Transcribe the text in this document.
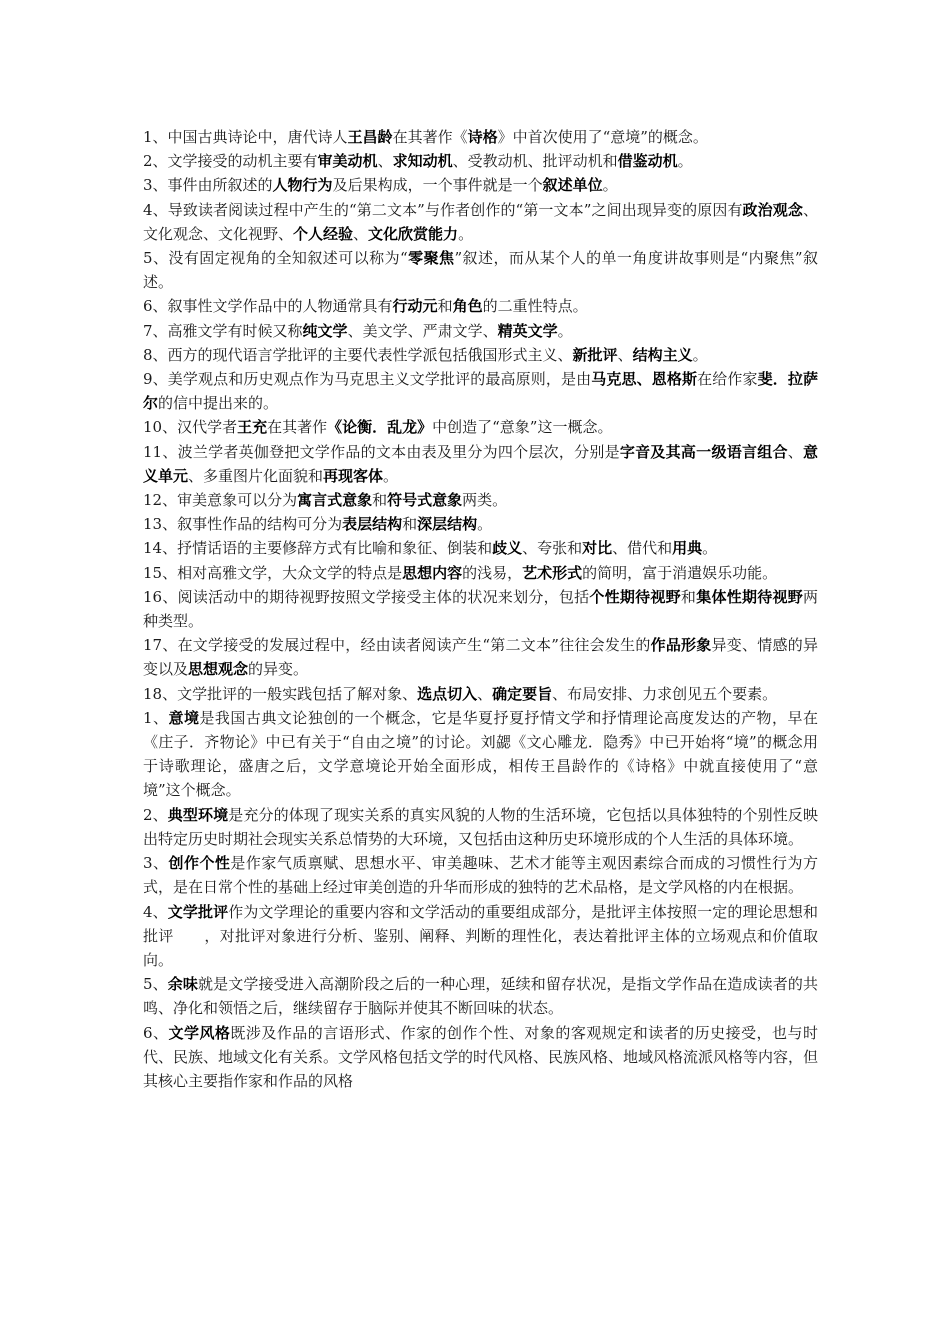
1、中国古典诗论中，唐代诗人王昌龄在其著作《诗格》中首次使用了“意境”的概念。

2、文学接受的动机主要有审美动机、求知动机、受教动机、批评动机和借鉴动机。

3、事件由所叙述的人物行为及后果构成，一个事件就是一个叙述单位。

4、导致读者阅读过程中产生的“第二文本”与作者创作的“第一文本”之间出现异变的原因有政治观念、文化观念、文化视野、个人经验、文化欣赏能力。

5、没有固定视角的全知叙述可以称为“零聚焦”叙述，而从某个人的单一角度讲故事则是“内聚焦”叙述。

6、叙事性文学作品中的人物通常具有行动元和角色的二重性特点。

7、高雅文学有时候又称纯文学、美文学、严肃文学、精英文学。

8、西方的现代语言学批评的主要代表性学派包括俄国形式主义、新批评、结构主义。

9、美学观点和历史观点作为马克思主义文学批评的最高原则，是由马克思、恩格斯在给作家斐．拉萨尔的信中提出来的。

10、汉代学者王充在其著作《论衡．乱龙》中创造了“意象”这一概念。

11、波兰学者英伽登把文学作品的文本由表及里分为四个层次，分别是字音及其高一级语言组合、意义单元、多重图片化面貌和再现客体。

12、审美意象可以分为寓言式意象和符号式意象两类。

13、叙事性作品的结构可分为表层结构和深层结构。

14、抒情话语的主要修辞方式有比喻和象征、倒装和歧义、夸张和对比、借代和用典。

15、相对高雅文学，大众文学的特点是思想内容的浅易，艺术形式的简明，富于消遣娱乐功能。

16、阅读活动中的期待视野按照文学接受主体的状况来划分，包括个性期待视野和集体性期待视野两种类型。

17、在文学接受的发展过程中，经由读者阅读产生“第二文本”往往会发生的作品形象异变、情感的异变以及思想观念的异变。

18、文学批评的一般实践包括了解对象、选点切入、确定要旨、布局安排、力求创见五个要素。

1、意境是我国古典文论独创的一个概念，它是华夏抒夏抒情文学和抒情理论高度发达的产物，早在《庄子．齐物论》中已有关于“自由之境”的讨论。刘勰《文心雕龙．隐秀》中已开始将“境”的概念用于诗歌理论，盛唐之后，文学意境论开始全面形成，相传王昌龄作的《诗格》中就直接使用了“意境”这个概念。

2、典型环境是充分的体现了现实关系的真实风貌的人物的生活环境，它包括以具体独特的个别性反映出特定历史时期社会现实关系总情势的大环境，又包括由这种历史环境形成的个人生活的具体环境。

3、创作个性是作家气质禀赋、思想水平、审美趣味、艺术才能等主观因素综合而成的习惯性行为方式，是在日常个性的基础上经过审美创造的升华而形成的独特的艺术品格，是文学风格的内在根据。

4、文学批评作为文学理论的重要内容和文学活动的重要组成部分，是批评主体按照一定的理论思想和批评　　，对批评对象进行分析、鉴别、阐释、判断的理性化，表达着批评主体的立场观点和价值取向。

5、余味就是文学接受进入高潮阶段之后的一种心理，延续和留存状况，是指文学作品在造成读者的共鸣、净化和领悟之后，继续留存于脑际并使其不断回味的状态。

6、文学风格既涉及作品的言语形式、作家的创作个性、对象的客观规定和读者的历史接受，也与时代、民族、地域文化有关系。文学风格包括文学的时代风格、民族风格、地域风格流派风格等内容，但其核心主要指作家和作品的风格
